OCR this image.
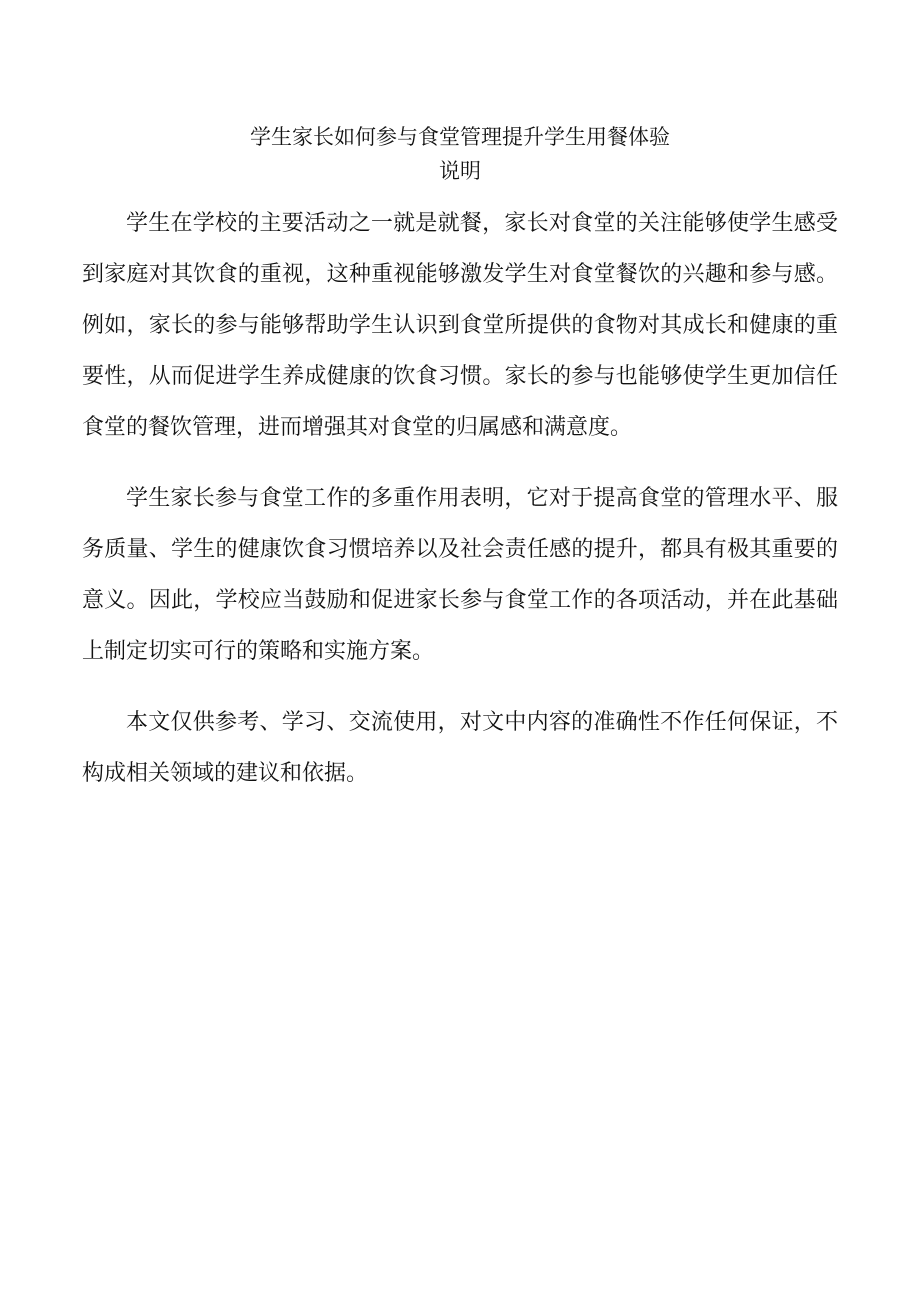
学生家长如何参与食堂管理提升学生用餐体验
说明

学生在学校的主要活动之一就是就餐，家长对食堂的关注能够使学生感受到家庭对其饮食的重视，这种重视能够激发学生对食堂餐饮的兴趣和参与感。例如，家长的参与能够帮助学生认识到食堂所提供的食物对其成长和健康的重要性，从而促进学生养成健康的饮食习惯。家长的参与也能够使学生更加信任食堂的餐饮管理，进而增强其对食堂的归属感和满意度。

学生家长参与食堂工作的多重作用表明，它对于提高食堂的管理水平、服务质量、学生的健康饮食习惯培养以及社会责任感的提升，都具有极其重要的意义。因此，学校应当鼓励和促进家长参与食堂工作的各项活动，并在此基础上制定切实可行的策略和实施方案。

本文仅供参考、学习、交流使用，对文中内容的准确性不作任何保证，不构成相关领域的建议和依据。
